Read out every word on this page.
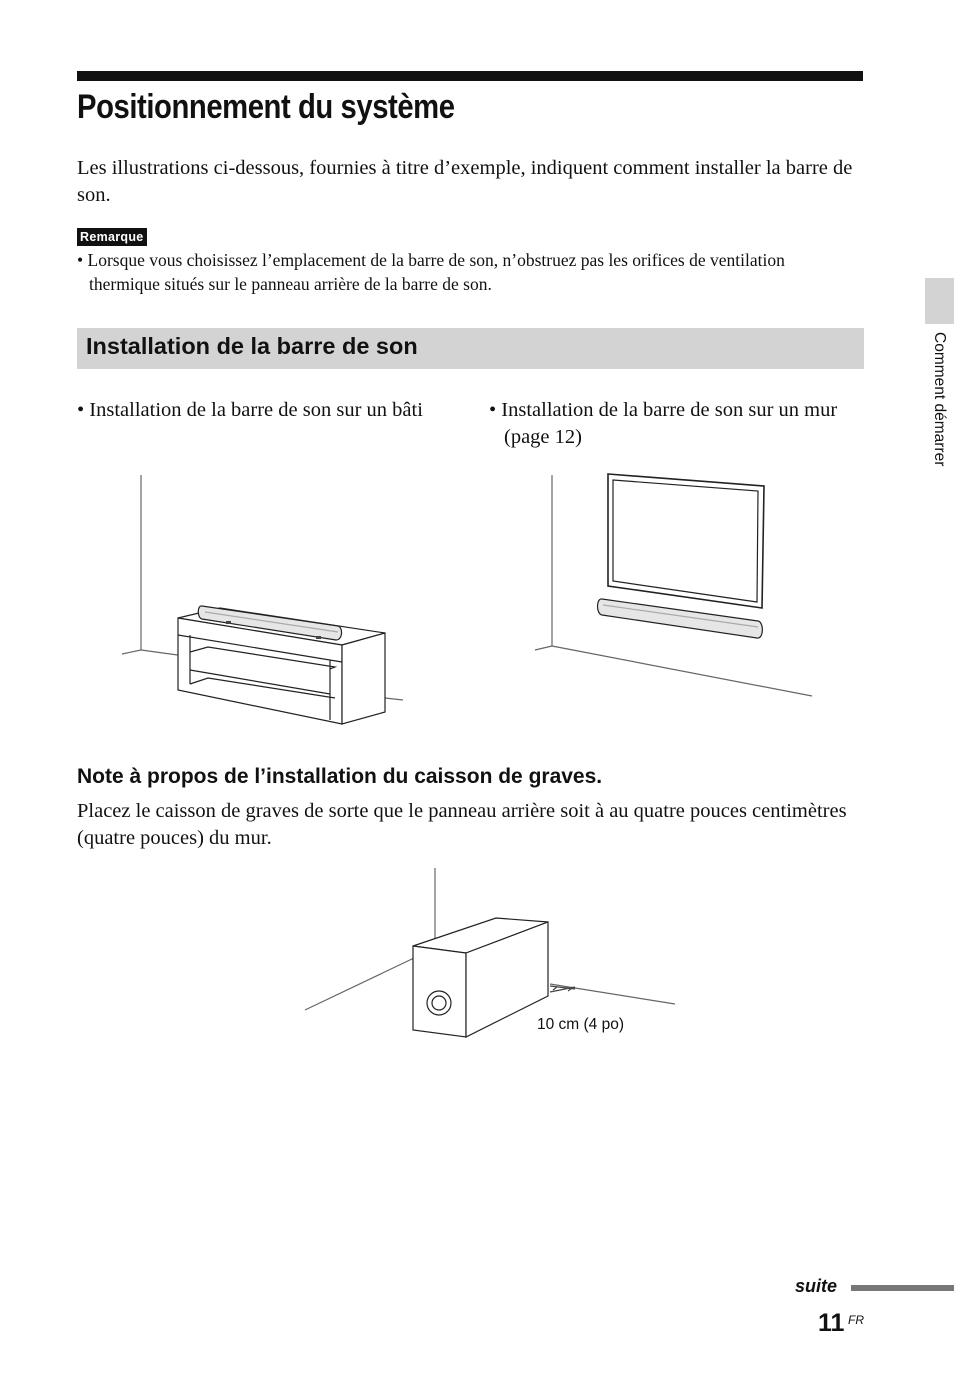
Positionnement du système

Les illustrations ci-dessous, fournies à titre d’exemple, indiquent comment installer la barre de son.

Remarque

• Lorsque vous choisissez l’emplacement de la barre de son, n’obstruez pas les orifices de ventilation thermique situés sur le panneau arrière de la barre de son.

Installation de la barre de son

• Installation de la barre de son sur un bâti	• Installation de la barre de son sur un mur (page 12)

Note à propos de l’installation du caisson de graves.

Placez le caisson de graves de sorte que le panneau arrière soit à au quatre pouces centimètres (quatre pouces) du mur.

10 cm (4 po)
Comment démarrer
suite
11 FR
